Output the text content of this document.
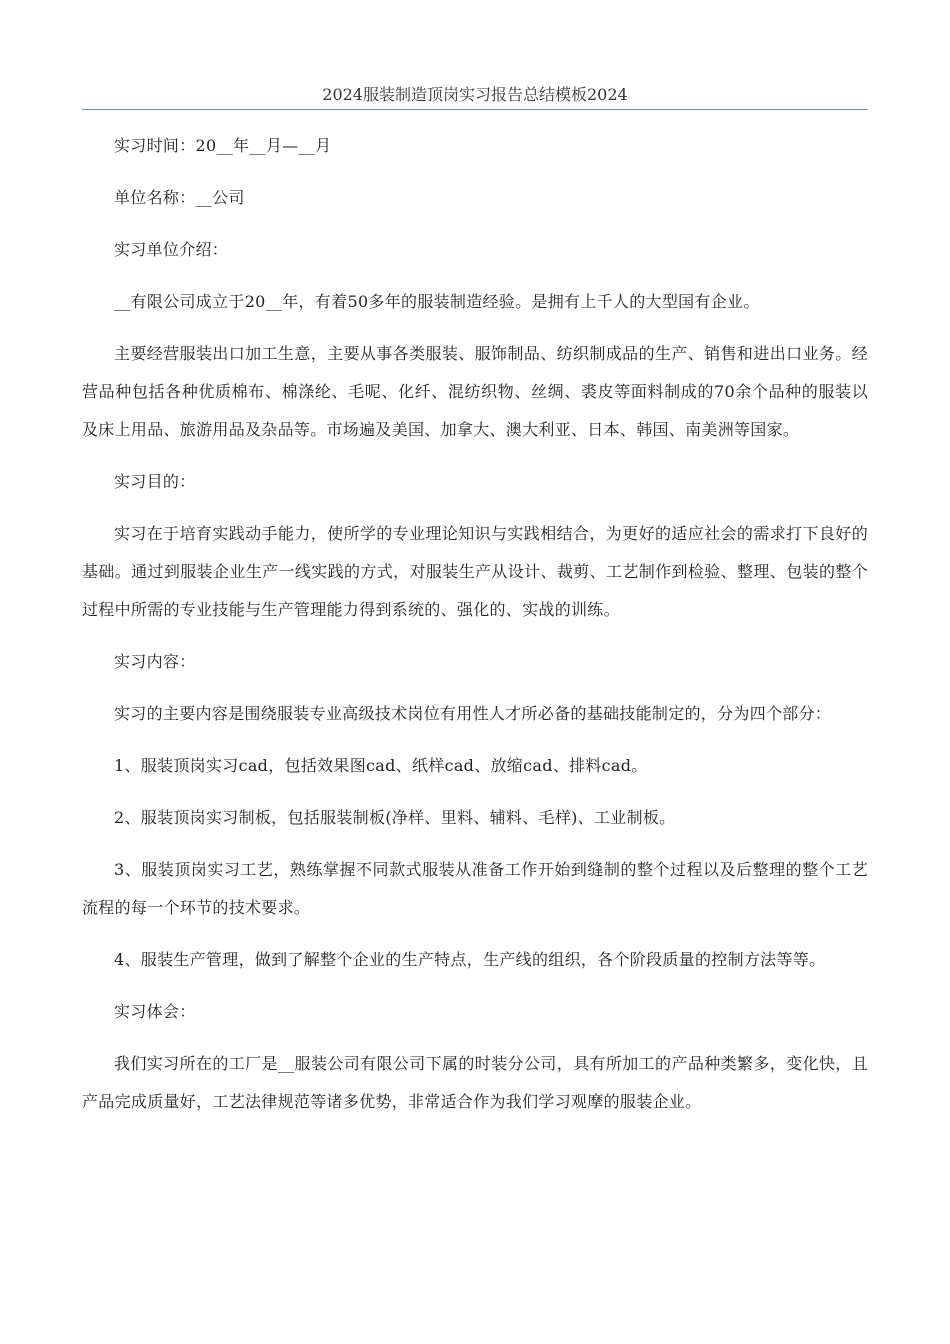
2024服装制造顶岗实习报告总结模板2024

实习时间：20__年__月—__月

单位名称：__公司

实习单位介绍：

__有限公司成立于20__年，有着50多年的服装制造经验。是拥有上千人的大型国有企业。

主要经营服装出口加工生意，主要从事各类服装、服饰制品、纺织制成品的生产、销售和进出口业务。经营品种包括各种优质棉布、棉涤纶、毛呢、化纤、混纺织物、丝绸、裘皮等面料制成的70余个品种的服装以及床上用品、旅游用品及杂品等。市场遍及美国、加拿大、澳大利亚、日本、韩国、南美洲等国家。

实习目的：

实习在于培育实践动手能力，使所学的专业理论知识与实践相结合，为更好的适应社会的需求打下良好的基础。通过到服装企业生产一线实践的方式，对服装生产从设计、裁剪、工艺制作到检验、整理、包装的整个过程中所需的专业技能与生产管理能力得到系统的、强化的、实战的训练。

实习内容：

实习的主要内容是围绕服装专业高级技术岗位有用性人才所必备的基础技能制定的，分为四个部分：

1、服装顶岗实习cad，包括效果图cad、纸样cad、放缩cad、排料cad。

2、服装顶岗实习制板，包括服装制板(净样、里料、辅料、毛样)、工业制板。

3、服装顶岗实习工艺，熟练掌握不同款式服装从准备工作开始到缝制的整个过程以及后整理的整个工艺流程的每一个环节的技术要求。

4、服装生产管理，做到了解整个企业的生产特点，生产线的组织，各个阶段质量的控制方法等等。

实习体会：

我们实习所在的工厂是__服装公司有限公司下属的时装分公司，具有所加工的产品种类繁多，变化快，且产品完成质量好，工艺法律规范等诸多优势，非常适合作为我们学习观摩的服装企业。
